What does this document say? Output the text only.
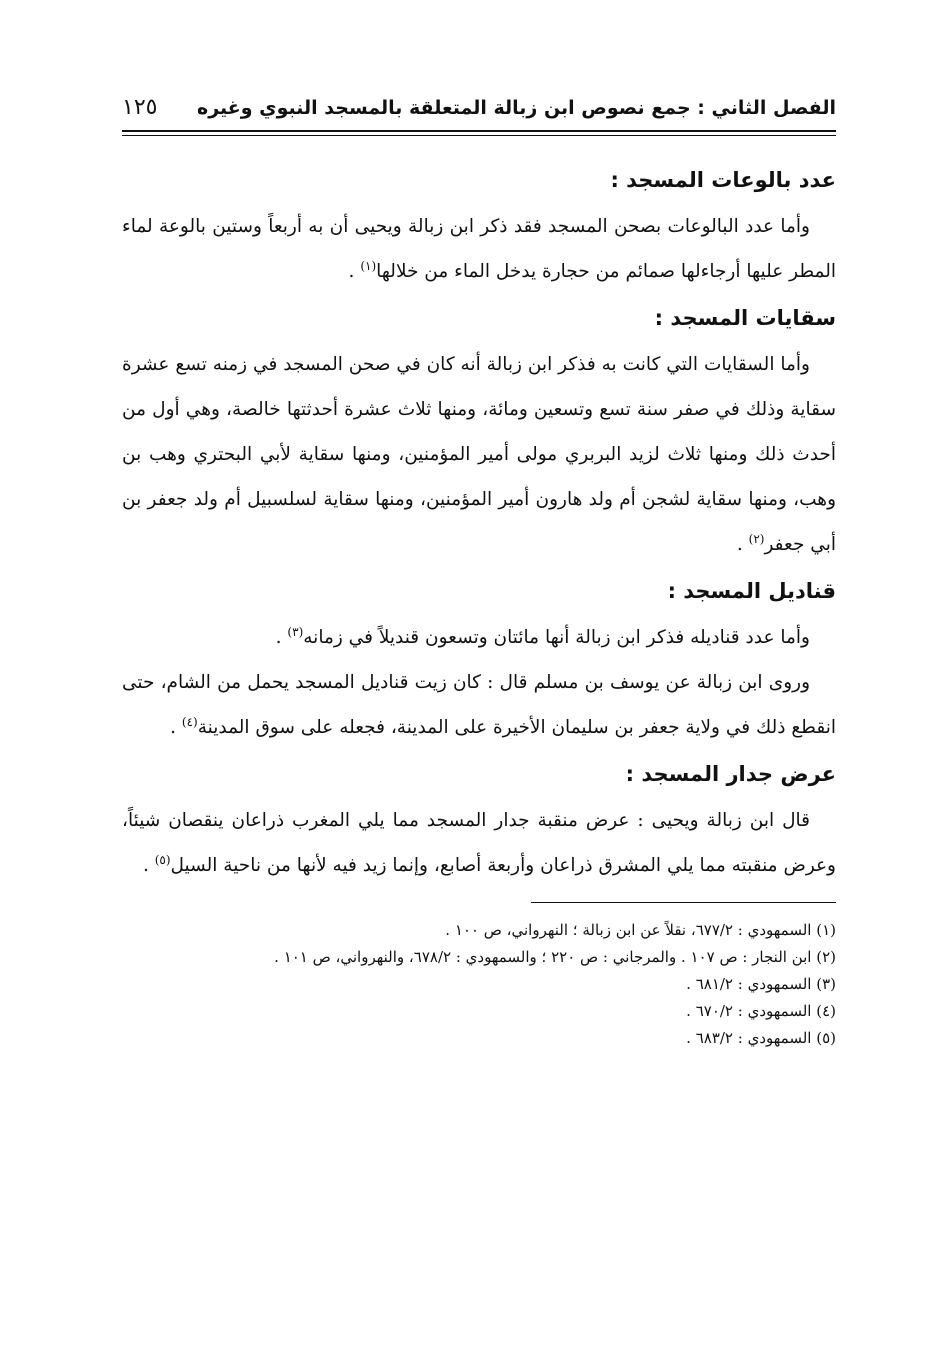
الفصل الثاني : جمع نصوص ابن زبالة المتعلقة بالمسجد النبوي وغيره
١٢٥
عدد بالوعات المسجد :

وأما عدد البالوعات بصحن المسجد فقد ذكر ابن زبالة ويحيى أن به أربعاً وستين بالوعة لماء المطر عليها أرجاءلها صمائم من حجارة يدخل الماء من خلالها$^{(١)}$ .

سقايات المسجد :

وأما السقايات التي كانت به فذكر ابن زبالة أنه كان في صحن المسجد في زمنه تسع عشرة سقاية وذلك في صفر سنة تسع وتسعين ومائة، ومنها ثلاث عشرة أحدثتها خالصة، وهي أول من أحدث ذلك ومنها ثلاث لزيد البربري مولى أمير المؤمنين، ومنها سقاية لأبي البحتري وهب بن وهب، ومنها سقاية لشجن أم ولد هارون أمير المؤمنين، ومنها سقاية لسلسبيل أم ولد جعفر بن أبي جعفر$^{(٢)}$ .

قناديل المسجد :

وأما عدد قناديله فذكر ابن زبالة أنها مائتان وتسعون قنديلاً في زمانه$^{(٣)}$ .

وروى ابن زبالة عن يوسف بن مسلم قال : كان زيت قناديل المسجد يحمل من الشام، حتى انقطع ذلك في ولاية جعفر بن سليمان الأخيرة على المدينة، فجعله على سوق المدينة$^{(٤)}$ .

عرض جدار المسجد :

قال ابن زبالة ويحيى : عرض منقبة جدار المسجد مما يلي المغرب ذراعان ينقصان شيئاً، وعرض منقبته مما يلي المشرق ذراعان وأربعة أصابع، وإنما زيد فيه لأنها من ناحية السيل$^{(٥)}$ .

(١) السمهودي : ٦٧٧/٢، نقلاً عن ابن زبالة ؛ النهرواني، ص ١٠٠ .

(٢) ابن النجار : ص ١٠٧ . والمرجاني : ص ٢٢٠ ؛ والسمهودي : ٦٧٨/٢، والنهرواني، ص ١٠١ .

(٣) السمهودي : ٦٨١/٢ .

(٤) السمهودي : ٦٧٠/٢ .

(٥) السمهودي : ٦٨٣/٢ .
